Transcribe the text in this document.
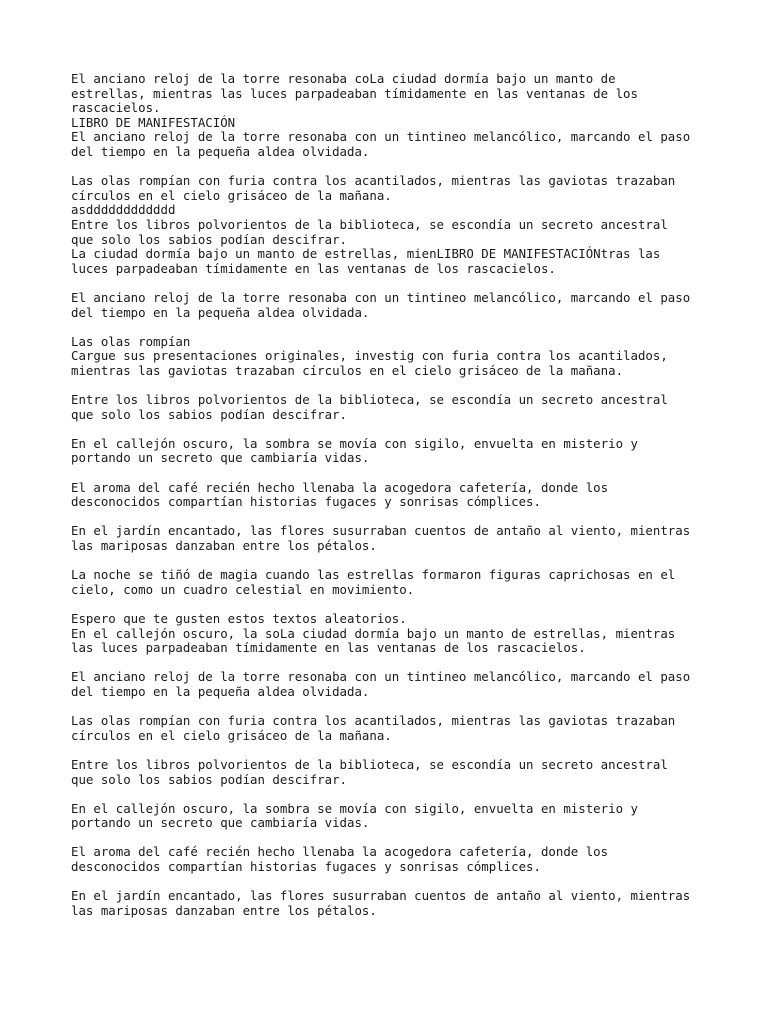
El anciano reloj de la torre resonaba coLa ciudad dormía bajo un manto de
estrellas, mientras las luces parpadeaban tímidamente en las ventanas de los
rascacielos.
LIBRO DE MANIFESTACIÓN
El anciano reloj de la torre resonaba con un tintineo melancólico, marcando el paso
del tiempo en la pequeña aldea olvidada.

Las olas rompían con furia contra los acantilados, mientras las gaviotas trazaban
círculos en el cielo grisáceo de la mañana.
asdddddddddddd
Entre los libros polvorientos de la biblioteca, se escondía un secreto ancestral
que solo los sabios podían descifrar.
La ciudad dormía bajo un manto de estrellas, mienLIBRO DE MANIFESTACIÓNtras las
luces parpadeaban tímidamente en las ventanas de los rascacielos.

El anciano reloj de la torre resonaba con un tintineo melancólico, marcando el paso
del tiempo en la pequeña aldea olvidada.

Las olas rompían
Cargue sus presentaciones originales, investig con furia contra los acantilados,
mientras las gaviotas trazaban círculos en el cielo grisáceo de la mañana.

Entre los libros polvorientos de la biblioteca, se escondía un secreto ancestral
que solo los sabios podían descifrar.

En el callejón oscuro, la sombra se movía con sigilo, envuelta en misterio y
portando un secreto que cambiaría vidas.

El aroma del café recién hecho llenaba la acogedora cafetería, donde los
desconocidos compartían historias fugaces y sonrisas cómplices.

En el jardín encantado, las flores susurraban cuentos de antaño al viento, mientras
las mariposas danzaban entre los pétalos.

La noche se tiñó de magia cuando las estrellas formaron figuras caprichosas en el
cielo, como un cuadro celestial en movimiento.

Espero que te gusten estos textos aleatorios.
En el callejón oscuro, la soLa ciudad dormía bajo un manto de estrellas, mientras
las luces parpadeaban tímidamente en las ventanas de los rascacielos.

El anciano reloj de la torre resonaba con un tintineo melancólico, marcando el paso
del tiempo en la pequeña aldea olvidada.

Las olas rompían con furia contra los acantilados, mientras las gaviotas trazaban
círculos en el cielo grisáceo de la mañana.

Entre los libros polvorientos de la biblioteca, se escondía un secreto ancestral
que solo los sabios podían descifrar.

En el callejón oscuro, la sombra se movía con sigilo, envuelta en misterio y
portando un secreto que cambiaría vidas.

El aroma del café recién hecho llenaba la acogedora cafetería, donde los
desconocidos compartían historias fugaces y sonrisas cómplices.

En el jardín encantado, las flores susurraban cuentos de antaño al viento, mientras
las mariposas danzaban entre los pétalos.
